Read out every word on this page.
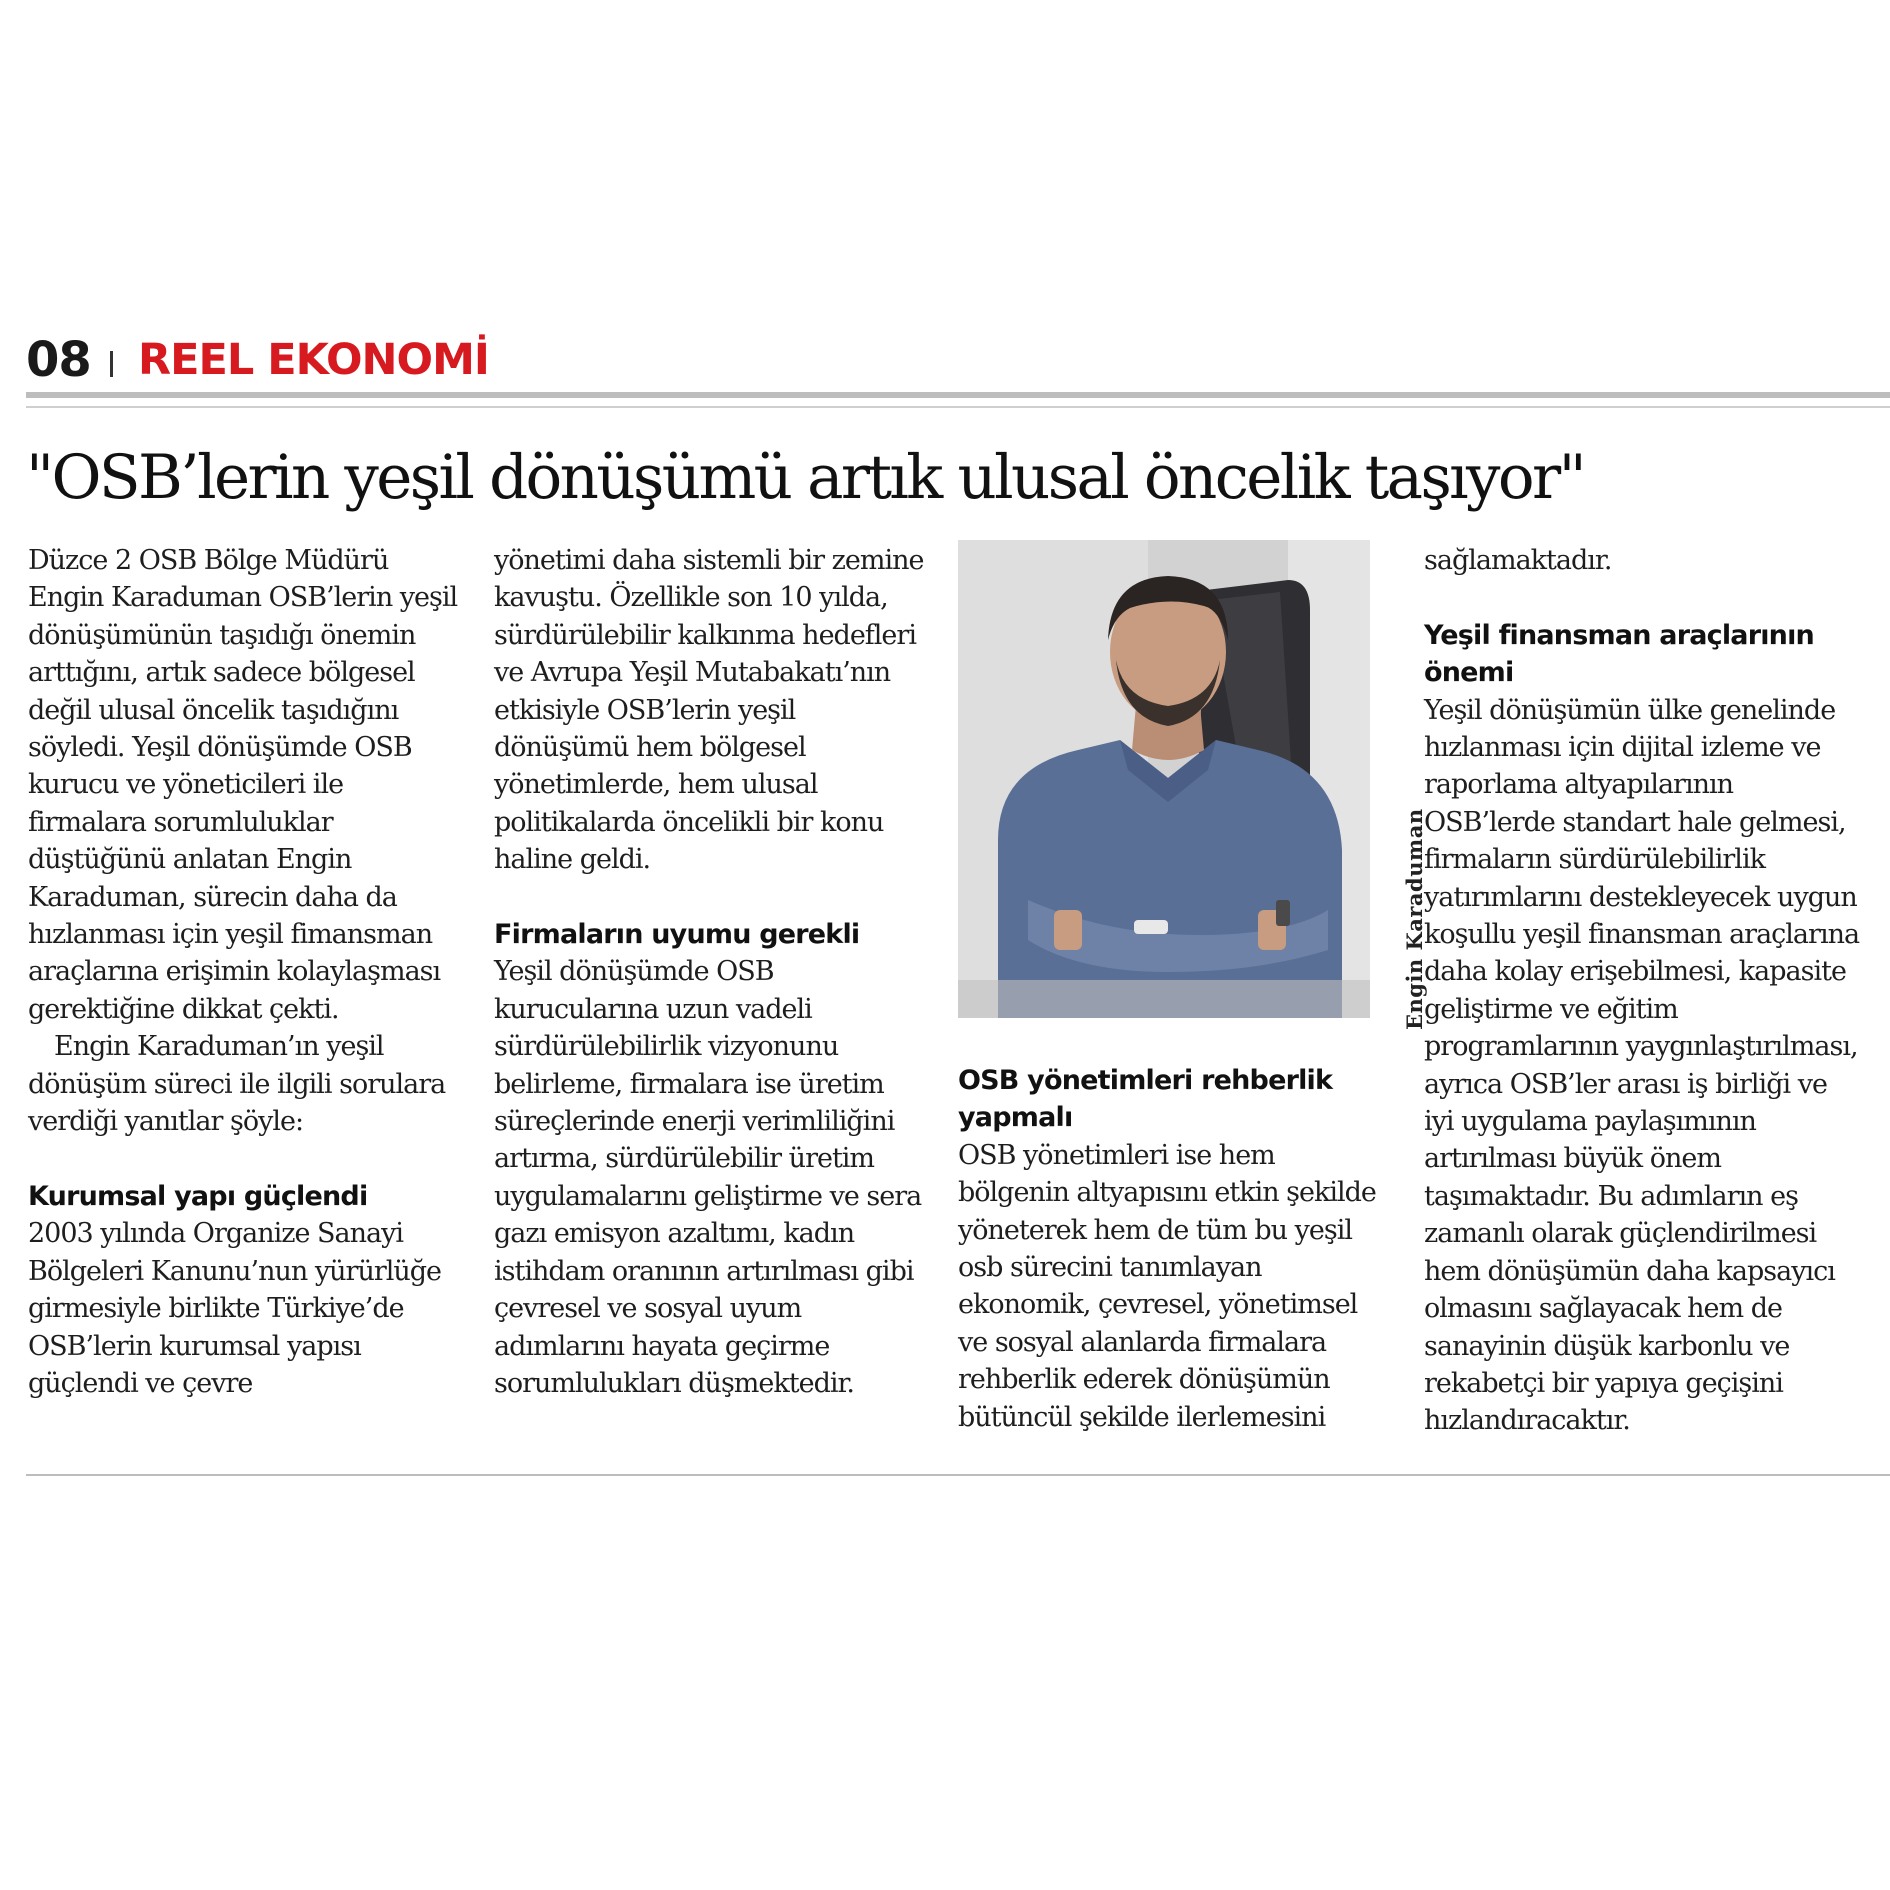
08 REEL EKONOMİ
"OSB’lerin yeşil dönüşümü artık ulusal öncelik taşıyor"

Düzce 2 OSB Bölge Müdürü Engin Karaduman OSB’lerin yeşil dönüşümünün taşıdığı önemin arttığını, artık sadece bölgesel değil ulusal öncelik taşıdığını söyledi. Yeşil dönüşümde OSB kurucu ve yöneticileri ile firmalara sorumluluklar düştüğünü anlatan Engin Karaduman, sürecin daha da hızlanması için yeşil fimansman araçlarına erişimin kolaylaşması gerektiğine dikkat çekti.

Engin Karaduman’ın yeşil dönüşüm süreci ile ilgili sorulara verdiği yanıtlar şöyle:

Kurumsal yapı güçlendi

2003 yılında Organize Sanayi Bölgeleri Kanunu’nun yürürlüğe girmesiyle birlikte Türkiye’de OSB’lerin kurumsal yapısı güçlendi ve çevre

yönetimi daha sistemli bir zemine kavuştu. Özellikle son 10 yılda, sürdürülebilir kalkınma hedefleri ve Avrupa Yeşil Mutabakatı’nın etkisiyle OSB’lerin yeşil dönüşümü hem bölgesel yönetimlerde, hem ulusal politikalarda öncelikli bir konu haline geldi.

Firmaların uyumu gerekli

Yeşil dönüşümde OSB kurucularına uzun vadeli sürdürülebilirlik vizyonunu belirleme, firmalara ise üretim süreçlerinde enerji verimliliğini artırma, sürdürülebilir üretim uygulamalarını geliştirme ve sera gazı emisyon azaltımı, kadın istihdam oranının artırılması gibi çevresel ve sosyal uyum adımlarını hayata geçirme sorumlulukları düşmektedir.

Engin Karaduman
OSB yönetimleri rehberlik yapmalı

OSB yönetimleri ise hem bölgenin altyapısını etkin şekilde yöneterek hem de tüm bu yeşil osb sürecini tanımlayan ekonomik, çevresel, yönetimsel ve sosyal alanlarda firmalara rehberlik ederek dönüşümün bütüncül şekilde ilerlemesini

sağlamaktadır.

Yeşil finansman araçlarının önemi

Yeşil dönüşümün ülke genelinde hızlanması için dijital izleme ve raporlama altyapılarının OSB’lerde standart hale gelmesi, firmaların sürdürülebilirlik yatırımlarını destekleyecek uygun koşullu yeşil finansman araçlarına daha kolay erişebilmesi, kapasite geliştirme ve eğitim programlarının yaygınlaştırılması, ayrıca OSB’ler arası iş birliği ve iyi uygulama paylaşımının artırılması büyük önem taşımaktadır. Bu adımların eş zamanlı olarak güçlendirilmesi hem dönüşümün daha kapsayıcı olmasını sağlayacak hem de sanayinin düşük karbonlu ve rekabetçi bir yapıya geçişini hızlandıracaktır.
